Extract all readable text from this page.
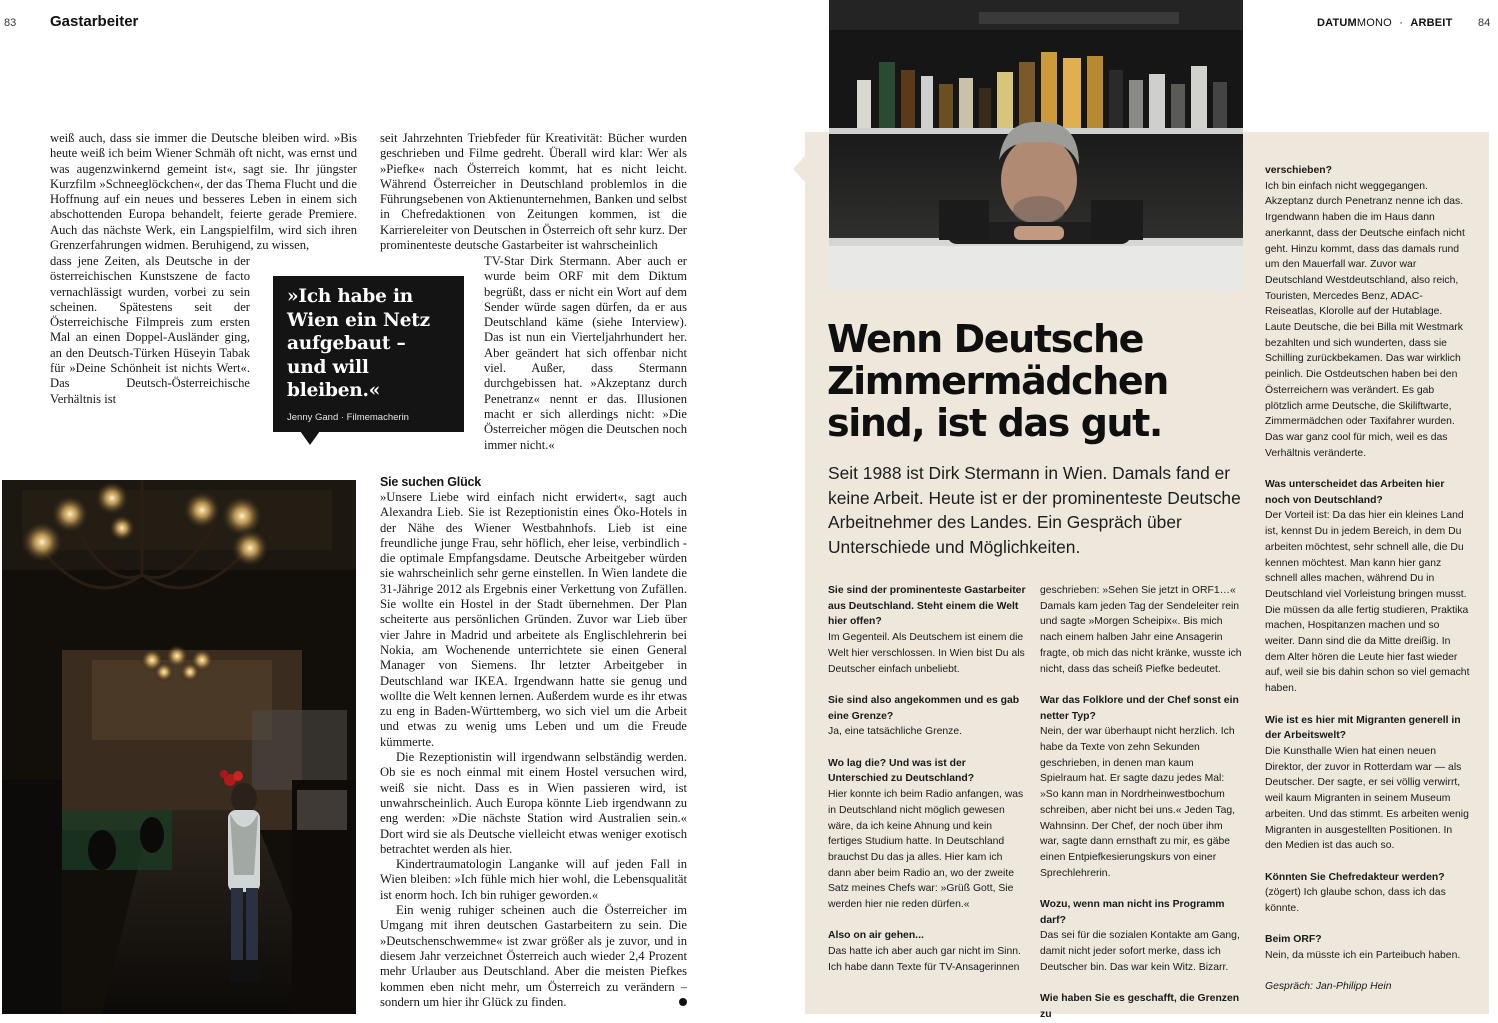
83 Gastarbeiter

weiß auch, dass sie immer die Deutsche bleiben wird. »Bis heute weiß ich beim Wiener Schmäh oft nicht, was ernst und was augenzwinkernd gemeint ist«, sagt sie. Ihr jüngster Kurzfilm »Schneeglöckchen«, der das Thema Flucht und die Hoffnung auf ein neues und besseres Leben in einem sich abschottenden Europa behandelt, feierte gerade Premiere. Auch das nächste Werk, ein Langspielfilm, wird sich ihren Grenzerfahrungen widmen. Beruhigend, zu wissen,

dass jene Zeiten, als Deutsche in der österreichischen Kunstszene de facto vernachlässigt wurden, vorbei zu sein scheinen. Spätestens seit der Österreichische Filmpreis zum ersten Mal an einen Doppel-Ausländer ging, an den Deutsch-Türken Hüseyin Tabak für »Deine Schönheit ist nichts Wert«. Das Deutsch-Österreichische Verhältnis ist

seit Jahrzehnten Triebfeder für Kreativität: Bücher wurden geschrieben und Filme gedreht. Überall wird klar: Wer als »Piefke« nach Österreich kommt, hat es nicht leicht. Während Österreicher in Deutschland problemlos in die Führungsebenen von Aktienunternehmen, Banken und selbst in Chefredaktionen von Zeitungen kommen, ist die Karriereleiter von Deutschen in Österreich oft sehr kurz. Der prominenteste deutsche Gastarbeiter ist wahrscheinlich

TV-Star Dirk Stermann. Aber auch er wurde beim ORF mit dem Diktum begrüßt, dass er nicht ein Wort auf dem Sender würde sagen dürfen, da er aus Deutschland käme (siehe Interview). Das ist nun ein Vierteljahrhundert her. Aber geändert hat sich offenbar nicht viel. Außer, dass Stermann durchgebissen hat. »Akzeptanz durch Penetranz« nennt er das. Illusionen macht er sich allerdings nicht: »Die Österreicher mögen die Deutschen noch immer nicht.«

Sie suchen Glück

»Unsere Liebe wird einfach nicht erwidert«, sagt auch Alexandra Lieb. Sie ist Rezeptionistin eines Öko-Hotels in der Nähe des Wiener Westbahnhofs. Lieb ist eine freundliche junge Frau, sehr höflich, eher leise, verbindlich - die optimale Empfangsdame. Deutsche Arbeitgeber würden sie wahrscheinlich sehr gerne einstellen. In Wien landete die 31-Jährige 2012 als Ergebnis einer Verkettung von Zufällen. Sie wollte ein Hostel in der Stadt übernehmen. Der Plan scheiterte aus persönlichen Gründen. Zuvor war Lieb über vier Jahre in Madrid und arbeitete als Englischlehrerin bei Nokia, am Wochenende unterrichtete sie einen General Manager von Siemens. Ihr letzter Arbeitgeber in Deutschland war IKEA. Irgendwann hatte sie genug und wollte die Welt kennen lernen. Außerdem wurde es ihr etwas zu eng in Baden-Württemberg, wo sich viel um die Arbeit und etwas zu wenig ums Leben und um die Freude kümmerte.

Die Rezeptionistin will irgendwann selbständig werden. Ob sie es noch einmal mit einem Hostel versuchen wird, weiß sie nicht. Dass es in Wien passieren wird, ist unwahrscheinlich. Auch Europa könnte Lieb irgendwann zu eng werden: »Die nächste Station wird Australien sein.« Dort wird sie als Deutsche vielleicht etwas weniger exotisch betrachtet werden als hier.

Kindertraumatologin Langanke will auf jeden Fall in Wien bleiben: »Ich fühle mich hier wohl, die Lebensqualität ist enorm hoch. Ich bin ruhiger geworden.«

Ein wenig ruhiger scheinen auch die Österreicher im Umgang mit ihren deutschen Gastarbeitern zu sein. Die »Deutschenschwemme« ist zwar größer als je zuvor, und in diesem Jahr verzeichnet Österreich auch wieder 2,4 Prozent mehr Urlauber aus Deutschland. Aber die meisten Piefkes kommen eben nicht mehr, um Österreich zu verändern – sondern um hier ihr Glück zu finden.

»Ich habe in Wien ein Netz aufgebaut – und will bleiben.«
Jenny Gand · Filmemacherin
DATUMMONO · ARBEIT 84
Wenn Deutsche Zimmermädchen sind, ist das gut.
Seit 1988 ist Dirk Stermann in Wien. Damals fand er keine Arbeit. Heute ist er der prominenteste Deutsche Arbeitnehmer des Landes. Ein Gespräch über Unterschiede und Möglichkeiten.
Sie sind der prominenteste Gastarbeiter aus Deutschland. Steht einem die Welt hier offen?
Im Gegenteil. Als Deutschem ist einem die Welt hier verschlossen. In Wien bist Du als Deutscher einfach unbeliebt.
Sie sind also angekommen und es gab eine Grenze?
Ja, eine tatsächliche Grenze.
Wo lag die? Und was ist der Unterschied zu Deutschland?
Hier konnte ich beim Radio anfangen, was in Deutschland nicht möglich gewesen wäre, da ich keine Ahnung und kein fertiges Studium hatte. In Deutschland brauchst Du das ja alles. Hier kam ich dann aber beim Radio an, wo der zweite Satz meines Chefs war: »Grüß Gott, Sie werden hier nie reden dürfen.«
Also on air gehen...
Das hatte ich aber auch gar nicht im Sinn. Ich habe dann Texte für TV-Ansagerinnen
geschrieben: »Sehen Sie jetzt in ORF1…« Damals kam jeden Tag der Sendeleiter rein und sagte »Morgen Scheipix«. Bis mich nach einem halben Jahr eine Ansagerin fragte, ob mich das nicht kränke, wusste ich nicht, dass das scheiß Piefke bedeutet.
War das Folklore und der Chef sonst ein netter Typ?
Nein, der war überhaupt nicht herzlich. Ich habe da Texte von zehn Sekunden geschrieben, in denen man kaum Spielraum hat. Er sagte dazu jedes Mal: »So kann man in Nordrheinwestbochum schreiben, aber nicht bei uns.« Jeden Tag, Wahnsinn. Der Chef, der noch über ihm war, sagte dann ernsthaft zu mir, es gäbe einen Entpiefkesierungskurs von einer Sprechlehrerin.
Wozu, wenn man nicht ins Programm darf?
Das sei für die sozialen Kontakte am Gang, damit nicht jeder sofort merke, dass ich Deutscher bin. Das war kein Witz. Bizarr.
Wie haben Sie es geschafft, die Grenzen zu
verschieben?
Ich bin einfach nicht weggegangen. Akzeptanz durch Penetranz nenne ich das. Irgendwann haben die im Haus dann anerkannt, dass der Deutsche einfach nicht geht. Hinzu kommt, dass das damals rund um den Mauerfall war. Zuvor war Deutschland Westdeutschland, also reich, Touristen, Mercedes Benz, ADAC-Reiseatlas, Klorolle auf der Hutablage. Laute Deutsche, die bei Billa mit Westmark bezahlten und sich wunderten, dass sie Schilling zurückbekamen. Das war wirklich peinlich. Die Ostdeutschen haben bei den Österreichern was verändert. Es gab plötzlich arme Deutsche, die Skiliftwarte, Zimmermädchen oder Taxifahrer wurden. Das war ganz cool für mich, weil es das Verhältnis veränderte.
Was unterscheidet das Arbeiten hier noch von Deutschland?
Der Vorteil ist: Da das hier ein kleines Land ist, kennst Du in jedem Bereich, in dem Du arbeiten möchtest, sehr schnell alle, die Du kennen möchtest. Man kann hier ganz schnell alles machen, während Du in Deutschland viel Vorleistung bringen musst. Die müssen da alle fertig studieren, Praktika machen, Hospitanzen machen und so weiter. Dann sind die da Mitte dreißig. In dem Alter hören die Leute hier fast wieder auf, weil sie bis dahin schon so viel gemacht haben.
Wie ist es hier mit Migranten generell in der Arbeitswelt?
Die Kunsthalle Wien hat einen neuen Direktor, der zuvor in Rotterdam war — als Deutscher. Der sagte, er sei völlig verwirrt, weil kaum Migranten in seinem Museum arbeiten. Und das stimmt. Es arbeiten wenig Migranten in ausgestellten Positionen. In den Medien ist das auch so.
Könnten Sie Chefredakteur werden?
(zögert) Ich glaube schon, dass ich das könnte.
Beim ORF?
Nein, da müsste ich ein Parteibuch haben.
Gespräch: Jan-Philipp Hein
